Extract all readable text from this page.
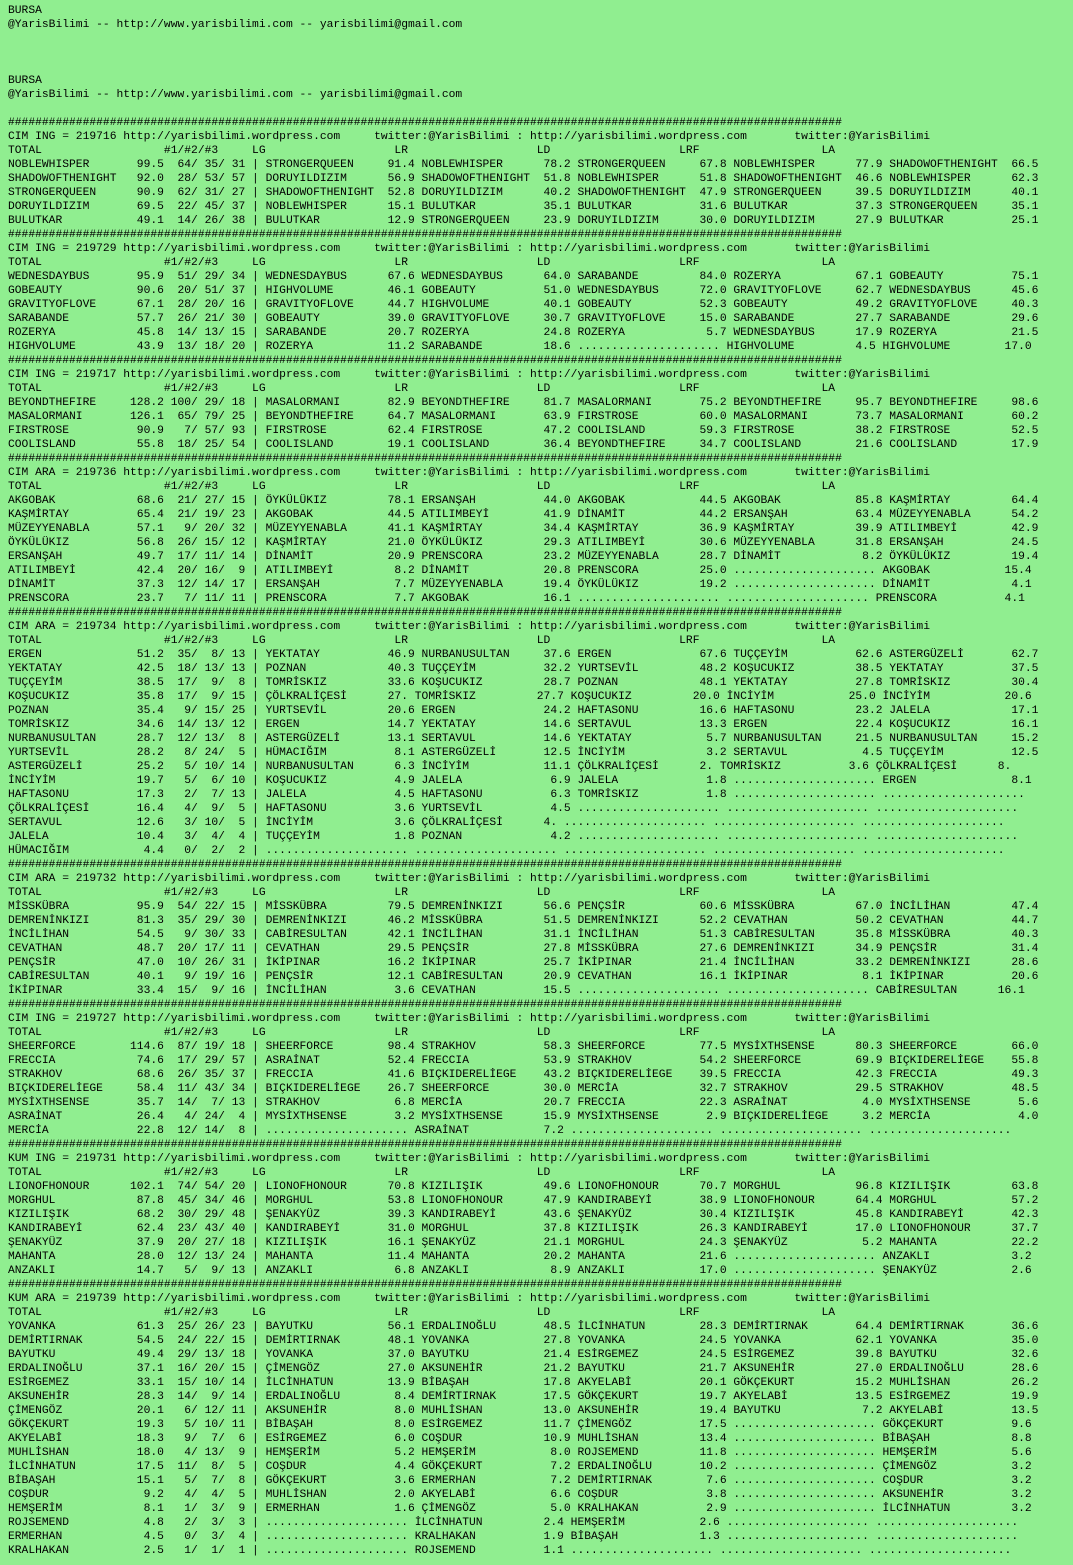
BURSA
@YarisBilimi -- http://www.yarisbilimi.com -- yarisbilimi@gmail.com
BURSA
@YarisBilimi -- http://www.yarisbilimi.com -- yarisbilimi@gmail.com
###########################################################################################################################
CIM ING = 219716 http://yarisbilimi.wordpress.com     twitter:@YarisBilimi : http://yarisbilimi.wordpress.com       twitter:@YarisBilimi
TOTAL                  #1/#2/#3     LG                   LR                   LD                   LRF                  LA
NOBLEWHISPER       99.5  64/ 35/ 31 | STRONGERQUEEN     91.4 NOBLEWHISPER      78.2 STRONGERQUEEN     67.8 NOBLEWHISPER      77.9 SHADOWOFTHENIGHT  66.5
SHADOWOFTHENIGHT   92.0  28/ 53/ 57 | DORUYILDIZIM      56.9 SHADOWOFTHENIGHT  51.8 NOBLEWHISPER      51.8 SHADOWOFTHENIGHT  46.6 NOBLEWHISPER      62.3
STRONGERQUEEN      90.9  62/ 31/ 27 | SHADOWOFTHENIGHT  52.8 DORUYILDIZIM      40.2 SHADOWOFTHENIGHT  47.9 STRONGERQUEEN     39.5 DORUYILDIZIM      40.1
DORUYILDIZIM       69.5  22/ 45/ 37 | NOBLEWHISPER      15.1 BULUTKAR          35.1 BULUTKAR          31.6 BULUTKAR          37.3 STRONGERQUEEN     35.1
BULUTKAR           49.1  14/ 26/ 38 | BULUTKAR          12.9 STRONGERQUEEN     23.9 DORUYILDIZIM      30.0 DORUYILDIZIM      27.9 BULUTKAR          25.1
###########################################################################################################################
CIM ING = 219729 http://yarisbilimi.wordpress.com     twitter:@YarisBilimi : http://yarisbilimi.wordpress.com       twitter:@YarisBilimi
TOTAL                  #1/#2/#3     LG                   LR                   LD                   LRF                  LA
WEDNESDAYBUS       95.9  51/ 29/ 34 | WEDNESDAYBUS      67.6 WEDNESDAYBUS      64.0 SARABANDE         84.0 ROZERYA           67.1 GOBEAUTY          75.1
GOBEAUTY           90.6  20/ 51/ 37 | HIGHVOLUME        46.1 GOBEAUTY          51.0 WEDNESDAYBUS      72.0 GRAVITYOFLOVE     62.7 WEDNESDAYBUS      45.6
GRAVITYOFLOVE      67.1  28/ 20/ 16 | GRAVITYOFLOVE     44.7 HIGHVOLUME        40.1 GOBEAUTY          52.3 GOBEAUTY          49.2 GRAVITYOFLOVE     40.3
SARABANDE          57.7  26/ 21/ 30 | GOBEAUTY          39.0 GRAVITYOFLOVE     30.7 GRAVITYOFLOVE     15.0 SARABANDE         27.7 SARABANDE         29.6
ROZERYA            45.8  14/ 13/ 15 | SARABANDE         20.7 ROZERYA           24.8 ROZERYA            5.7 WEDNESDAYBUS      17.9 ROZERYA           21.5
HIGHVOLUME         43.9  13/ 18/ 20 | ROZERYA           11.2 SARABANDE         18.6 ..................... HIGHVOLUME         4.5 HIGHVOLUME        17.0
###########################################################################################################################
CIM ING = 219717 http://yarisbilimi.wordpress.com     twitter:@YarisBilimi : http://yarisbilimi.wordpress.com       twitter:@YarisBilimi
TOTAL                  #1/#2/#3     LG                   LR                   LD                   LRF                  LA
BEYONDTHEFIRE     128.2 100/ 29/ 18 | MASALORMANI       82.9 BEYONDTHEFIRE     81.7 MASALORMANI       75.2 BEYONDTHEFIRE     95.7 BEYONDTHEFIRE     98.6
MASALORMANI       126.1  65/ 79/ 25 | BEYONDTHEFIRE     64.7 MASALORMANI       63.9 FIRSTROSE         60.0 MASALORMANI       73.7 MASALORMANI       60.2
FIRSTROSE          90.9   7/ 57/ 93 | FIRSTROSE         62.4 FIRSTROSE         47.2 COOLISLAND        59.3 FIRSTROSE         38.2 FIRSTROSE         52.5
COOLISLAND         55.8  18/ 25/ 54 | COOLISLAND        19.1 COOLISLAND        36.4 BEYONDTHEFIRE     34.7 COOLISLAND        21.6 COOLISLAND        17.9
###########################################################################################################################
CIM ARA = 219736 http://yarisbilimi.wordpress.com     twitter:@YarisBilimi : http://yarisbilimi.wordpress.com       twitter:@YarisBilimi
TOTAL                  #1/#2/#3     LG                   LR                   LD                   LRF                  LA
AKGOBAK            68.6  21/ 27/ 15 | ÖYKÜLÜKIZ         78.1 ERSANŞAH          44.0 AKGOBAK           44.5 AKGOBAK           85.8 KAŞMİRTAY         64.4
KAŞMİRTAY          65.4  21/ 19/ 23 | AKGOBAK           44.5 ATILIMBEYİ        41.9 DİNAMİT           44.2 ERSANŞAH          63.4 MÜZEYYENABLA      54.2
MÜZEYYENABLA       57.1   9/ 20/ 32 | MÜZEYYENABLA      41.1 KAŞMİRTAY         34.4 KAŞMİRTAY         36.9 KAŞMİRTAY         39.9 ATILIMBEYİ        42.9
ÖYKÜLÜKIZ          56.8  26/ 15/ 12 | KAŞMİRTAY         21.0 ÖYKÜLÜKIZ         29.3 ATILIMBEYİ        30.6 MÜZEYYENABLA      31.8 ERSANŞAH          24.5
ERSANŞAH           49.7  17/ 11/ 14 | DİNAMİT           20.9 PRENSCORA         23.2 MÜZEYYENABLA      28.7 DİNAMİT            8.2 ÖYKÜLÜKIZ         19.4
ATILIMBEYİ         42.4  20/ 16/  9 | ATILIMBEYİ         8.2 DİNAMİT           20.8 PRENSCORA         25.0 ..................... AKGOBAK           15.4
DİNAMİT            37.3  12/ 14/ 17 | ERSANŞAH           7.7 MÜZEYYENABLA      19.4 ÖYKÜLÜKIZ         19.2 ..................... DİNAMİT            4.1
PRENSCORA          23.7   7/ 11/ 11 | PRENSCORA          7.7 AKGOBAK           16.1 ..................... ..................... PRENSCORA          4.1
###########################################################################################################################
CIM ARA = 219734 http://yarisbilimi.wordpress.com     twitter:@YarisBilimi : http://yarisbilimi.wordpress.com       twitter:@YarisBilimi
TOTAL                  #1/#2/#3     LG                   LR                   LD                   LRF                  LA
ERGEN              51.2  35/  8/ 13 | YEKTATAY          46.9 NURBANUSULTAN     37.6 ERGEN             67.6 TUÇÇEYİM          62.6 ASTERGÜZELİ       62.7
YEKTATAY           42.5  18/ 13/ 13 | POZNAN            40.3 TUÇÇEYİM          32.2 YURTSEVİL         48.2 KOŞUCUKIZ         38.5 YEKTATAY          37.5
TUÇÇEYİM           38.5  17/  9/  8 | TOMRİSKIZ         33.6 KOŞUCUKIZ         28.7 POZNAN            48.1 YEKTATAY          27.8 TOMRİSKIZ         30.4
KOŞUCUKIZ          35.8  17/  9/ 15 | ÇÖLKRALİÇESİ      27. TOMRİSKIZ         27.7 KOŞUCUKIZ         20.0 İNCİYİM           25.0 İNCİYİM           20.6
POZNAN             35.4   9/ 15/ 25 | YURTSEVİL         20.6 ERGEN             24.2 HAFTASONU         16.6 HAFTASONU         23.2 JALELA            17.1
TOMRİSKIZ          34.6  14/ 13/ 12 | ERGEN             14.7 YEKTATAY          14.6 SERTAVUL          13.3 ERGEN             22.4 KOŞUCUKIZ         16.1
NURBANUSULTAN      28.7  12/ 13/  8 | ASTERGÜZELİ       13.1 SERTAVUL          14.6 YEKTATAY           5.7 NURBANUSULTAN     21.5 NURBANUSULTAN     15.2
YURTSEVİL          28.2   8/ 24/  5 | HÜMACIĞIM          8.1 ASTERGÜZELİ       12.5 İNCİYİM            3.2 SERTAVUL           4.5 TUÇÇEYİM          12.5
ASTERGÜZELİ        25.2   5/ 10/ 14 | NURBANUSULTAN      6.3 İNCİYİM           11.1 ÇÖLKRALİÇESİ      2. TOMRİSKIZ          3.6 ÇÖLKRALİÇESİ      8.
İNCİYİM            19.7   5/  6/ 10 | KOŞUCUKIZ          4.9 JALELA             6.9 JALELA             1.8 ..................... ERGEN              8.1
HAFTASONU          17.3   2/  7/ 13 | JALELA             4.5 HAFTASONU          6.3 TOMRİSKIZ          1.8 ..................... .....................
ÇÖLKRALİÇESİ       16.4   4/  9/  5 | HAFTASONU          3.6 YURTSEVİL          4.5 ..................... ..................... .....................
SERTAVUL           12.6   3/ 10/  5 | İNCİYİM            3.6 ÇÖLKRALİÇESİ      4. ..................... ..................... .....................
JALELA             10.4   3/  4/  4 | TUÇÇEYİM           1.8 POZNAN             4.2 ..................... ..................... .....................
HÜMACIĞIM           4.4   0/  2/  2 | ..................... ..................... ..................... ..................... .....................
###########################################################################################################################
CIM ARA = 219732 http://yarisbilimi.wordpress.com     twitter:@YarisBilimi : http://yarisbilimi.wordpress.com       twitter:@YarisBilimi
TOTAL                  #1/#2/#3     LG                   LR                   LD                   LRF                  LA
MİSSKÜBRA          95.9  54/ 22/ 15 | MİSSKÜBRA         79.5 DEMRENİNKIZI      56.6 PENÇSİR           60.6 MİSSKÜBRA         67.0 İNCİLİHAN         47.4
DEMRENİNKIZI       81.3  35/ 29/ 30 | DEMRENİNKIZI      46.2 MİSSKÜBRA         51.5 DEMRENİNKIZI      52.2 CEVATHAN          50.2 CEVATHAN          44.7
İNCİLİHAN          54.5   9/ 30/ 33 | CABİRESULTAN      42.1 İNCİLİHAN         31.1 İNCİLİHAN         51.3 CABİRESULTAN      35.8 MİSSKÜBRA         40.3
CEVATHAN           48.7  20/ 17/ 11 | CEVATHAN          29.5 PENÇSİR           27.8 MİSSKÜBRA         27.6 DEMRENİNKIZI      34.9 PENÇSİR           31.4
PENÇSİR            47.0  10/ 26/ 31 | İKİPINAR          16.2 İKİPINAR          25.7 İKİPINAR          21.4 İNCİLİHAN         33.2 DEMRENİNKIZI      28.6
CABİRESULTAN       40.1   9/ 19/ 16 | PENÇSİR           12.1 CABİRESULTAN      20.9 CEVATHAN          16.1 İKİPINAR           8.1 İKİPINAR          20.6
İKİPINAR           33.4  15/  9/ 16 | İNCİLİHAN          3.6 CEVATHAN          15.5 ..................... ..................... CABİRESULTAN      16.1
###########################################################################################################################
CIM ING = 219727 http://yarisbilimi.wordpress.com     twitter:@YarisBilimi : http://yarisbilimi.wordpress.com       twitter:@YarisBilimi
TOTAL                  #1/#2/#3     LG                   LR                   LD                   LRF                  LA
SHEERFORCE        114.6  87/ 19/ 18 | SHEERFORCE        98.4 STRAKHOV          58.3 SHEERFORCE        77.5 MYSİXTHSENSE      80.3 SHEERFORCE        66.0
FRECCIA            74.6  17/ 29/ 57 | ASRAİNAT          52.4 FRECCIA           53.9 STRAKHOV          54.2 SHEERFORCE        69.9 BIÇKIDERELİEGE    55.8
STRAKHOV           68.6  26/ 35/ 37 | FRECCIA           41.6 BIÇKIDERELİEGE    43.2 BIÇKIDERELİEGE    39.5 FRECCIA           42.3 FRECCIA           49.3
BIÇKIDERELİEGE     58.4  11/ 43/ 34 | BIÇKIDERELİEGE    26.7 SHEERFORCE        30.0 MERCİA            32.7 STRAKHOV          29.5 STRAKHOV          48.5
MYSİXTHSENSE       35.7  14/  7/ 13 | STRAKHOV           6.8 MERCİA            20.7 FRECCIA           22.3 ASRAİNAT           4.0 MYSİXTHSENSE       5.6
ASRAİNAT           26.4   4/ 24/  4 | MYSİXTHSENSE       3.2 MYSİXTHSENSE      15.9 MYSİXTHSENSE       2.9 BIÇKIDERELİEGE     3.2 MERCİA             4.0
MERCİA             22.8  12/ 14/  8 | ..................... ASRAİNAT           7.2 ..................... ..................... .....................
###########################################################################################################################
KUM ING = 219731 http://yarisbilimi.wordpress.com     twitter:@YarisBilimi : http://yarisbilimi.wordpress.com       twitter:@YarisBilimi
TOTAL                  #1/#2/#3     LG                   LR                   LD                   LRF                  LA
LIONOFHONOUR      102.1  74/ 54/ 20 | LIONOFHONOUR      70.8 KIZILIŞIK         49.6 LIONOFHONOUR      70.7 MORGHUL           96.8 KIZILIŞIK         63.8
MORGHUL            87.8  45/ 34/ 46 | MORGHUL           53.8 LIONOFHONOUR      47.9 KANDIRABEYİ       38.9 LIONOFHONOUR      64.4 MORGHUL           57.2
KIZILIŞIK          68.2  30/ 29/ 48 | ŞENAKYÜZ          39.3 KANDIRABEYİ       43.6 ŞENAKYÜZ          30.4 KIZILIŞIK         45.8 KANDIRABEYİ       42.3
KANDIRABEYİ        62.4  23/ 43/ 40 | KANDIRABEYİ       31.0 MORGHUL           37.8 KIZILIŞIK         26.3 KANDIRABEYİ       17.0 LIONOFHONOUR      37.7
ŞENAKYÜZ           37.9  20/ 27/ 18 | KIZILIŞIK         16.1 ŞENAKYÜZ          21.1 MORGHUL           24.3 ŞENAKYÜZ           5.2 MAHANTA           22.2
MAHANTA            28.0  12/ 13/ 24 | MAHANTA           11.4 MAHANTA           20.2 MAHANTA           21.6 ..................... ANZAKLI            3.2
ANZAKLI            14.7   5/  9/ 13 | ANZAKLI            6.8 ANZAKLI            8.9 ANZAKLI           17.0 ..................... ŞENAKYÜZ           2.6
###########################################################################################################################
KUM ARA = 219739 http://yarisbilimi.wordpress.com     twitter:@YarisBilimi : http://yarisbilimi.wordpress.com       twitter:@YarisBilimi
TOTAL                  #1/#2/#3     LG                   LR                   LD                   LRF                  LA
YOVANKA            61.3  25/ 26/ 23 | BAYUTKU           56.1 ERDALINOĞLU       48.5 İLCİNHATUN        28.3 DEMİRTIRNAK       64.4 DEMİRTIRNAK       36.6
DEMİRTIRNAK        54.5  24/ 22/ 15 | DEMİRTIRNAK       48.1 YOVANKA           27.8 YOVANKA           24.5 YOVANKA           62.1 YOVANKA           35.0
BAYUTKU            49.4  29/ 13/ 18 | YOVANKA           37.0 BAYUTKU           21.4 ESİRGEMEZ         24.5 ESİRGEMEZ         39.8 BAYUTKU           32.6
ERDALINOĞLU        37.1  16/ 20/ 15 | ÇİMENGÖZ          27.0 AKSUNEHİR         21.2 BAYUTKU           21.7 AKSUNEHİR         27.0 ERDALINOĞLU       28.6
ESİRGEMEZ          33.1  15/ 10/ 14 | İLCİNHATUN        13.9 BİBAŞAH           17.8 AKYELABİ          20.1 GÖKÇEKURT         15.2 MUHLİSHAN         26.2
AKSUNEHİR          28.3  14/  9/ 14 | ERDALINOĞLU        8.4 DEMİRTIRNAK       17.5 GÖKÇEKURT         19.7 AKYELABİ          13.5 ESİRGEMEZ         19.9
ÇİMENGÖZ           20.1   6/ 12/ 11 | AKSUNEHİR          8.0 MUHLİSHAN         13.0 AKSUNEHİR         19.4 BAYUTKU            7.2 AKYELABİ          13.5
GÖKÇEKURT          19.3   5/ 10/ 11 | BİBAŞAH            8.0 ESİRGEMEZ         11.7 ÇİMENGÖZ          17.5 ..................... GÖKÇEKURT          9.6
AKYELABİ           18.3   9/  7/  6 | ESİRGEMEZ          6.0 COŞDUR            10.9 MUHLİSHAN         13.4 ..................... BİBAŞAH            8.8
MUHLİSHAN          18.0   4/ 13/  9 | HEMŞERİM           5.2 HEMŞERİM           8.0 ROJSEMEND         11.8 ..................... HEMŞERİM           5.6
İLCİNHATUN         17.5  11/  8/  5 | COŞDUR             4.4 GÖKÇEKURT          7.2 ERDALINOĞLU       10.2 ..................... ÇİMENGÖZ           3.2
BİBAŞAH            15.1   5/  7/  8 | GÖKÇEKURT          3.6 ERMERHAN           7.2 DEMİRTIRNAK        7.6 ..................... COŞDUR             3.2
COŞDUR              9.2   4/  4/  5 | MUHLİSHAN          2.0 AKYELABİ           6.6 COŞDUR             3.8 ..................... AKSUNEHİR          3.2
HEMŞERİM            8.1   1/  3/  9 | ERMERHAN           1.6 ÇİMENGÖZ           5.0 KRALHAKAN          2.9 ..................... İLCİNHATUN         3.2
ROJSEMEND           4.8   2/  3/  3 | ..................... İLCİNHATUN         2.4 HEMŞERİM           2.6 ..................... .....................
ERMERHAN            4.5   0/  3/  4 | ..................... KRALHAKAN          1.9 BİBAŞAH            1.3 ..................... .....................
KRALHAKAN           2.5   1/  1/  1 | ..................... ROJSEMEND          1.1 ..................... ..................... .....................
